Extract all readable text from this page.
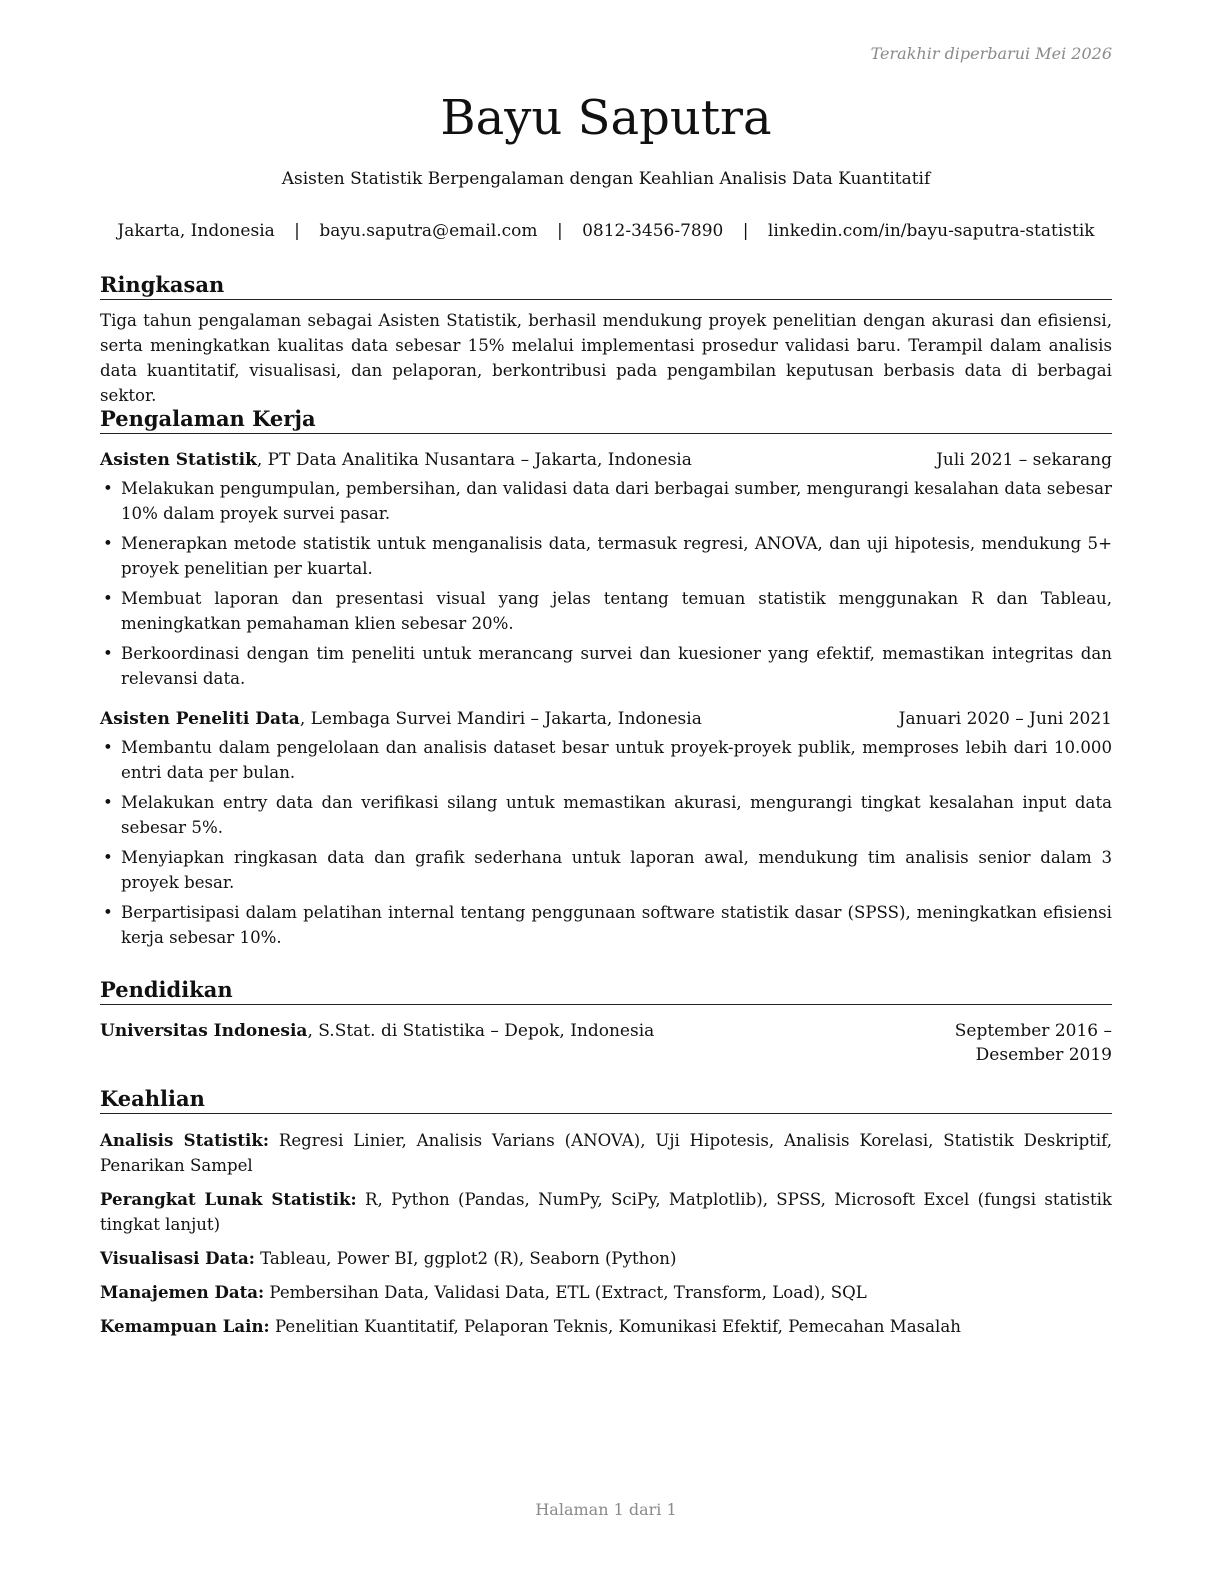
Terakhir diperbarui Mei 2026
Bayu Saputra
Asisten Statistik Berpengalaman dengan Keahlian Analisis Data Kuantitatif
Jakarta, Indonesia | bayu.saputra@email.com | 0812-3456-7890 | linkedin.com/in/bayu-saputra-statistik
Ringkasan

Tiga tahun pengalaman sebagai Asisten Statistik, berhasil mendukung proyek penelitian dengan akurasi dan efisiensi, serta meningkatkan kualitas data sebesar 15% melalui implementasi prosedur validasi baru. Terampil dalam analisis data kuantitatif, visualisasi, dan pelaporan, berkontribusi pada pengambilan keputusan berbasis data di berbagai sektor.

Pengalaman Kerja
Asisten Statistik, PT Data Analitika Nusantara – Jakarta, Indonesia	Juli 2021 – sekarang
• Melakukan pengumpulan, pembersihan, dan validasi data dari berbagai sumber, mengurangi kesalahan data sebesar 10% dalam proyek survei pasar.
• Menerapkan metode statistik untuk menganalisis data, termasuk regresi, ANOVA, dan uji hipotesis, mendukung 5+ proyek penelitian per kuartal.
• Membuat laporan dan presentasi visual yang jelas tentang temuan statistik menggunakan R dan Tableau, meningkatkan pemahaman klien sebesar 20%.
• Berkoordinasi dengan tim peneliti untuk merancang survei dan kuesioner yang efektif, memastikan integritas dan relevansi data.
Asisten Peneliti Data, Lembaga Survei Mandiri – Jakarta, Indonesia	Januari 2020 – Juni 2021
• Membantu dalam pengelolaan dan analisis dataset besar untuk proyek-proyek publik, memproses lebih dari 10.000 entri data per bulan.
• Melakukan entry data dan verifikasi silang untuk memastikan akurasi, mengurangi tingkat kesalahan input data sebesar 5%.
• Menyiapkan ringkasan data dan grafik sederhana untuk laporan awal, mendukung tim analisis senior dalam 3 proyek besar.
• Berpartisipasi dalam pelatihan internal tentang penggunaan software statistik dasar (SPSS), meningkatkan efisiensi kerja sebesar 10%.
Pendidikan
Universitas Indonesia, S.Stat. di Statistika – Depok, Indonesia	September 2016 – Desember 2019
Keahlian

Analisis Statistik: Regresi Linier, Analisis Varians (ANOVA), Uji Hipotesis, Analisis Korelasi, Statistik Deskriptif, Penarikan Sampel

Perangkat Lunak Statistik: R, Python (Pandas, NumPy, SciPy, Matplotlib), SPSS, Microsoft Excel (fungsi statistik tingkat lanjut)

Visualisasi Data: Tableau, Power BI, ggplot2 (R), Seaborn (Python)

Manajemen Data: Pembersihan Data, Validasi Data, ETL (Extract, Transform, Load), SQL

Kemampuan Lain: Penelitian Kuantitatif, Pelaporan Teknis, Komunikasi Efektif, Pemecahan Masalah

Halaman 1 dari 1
